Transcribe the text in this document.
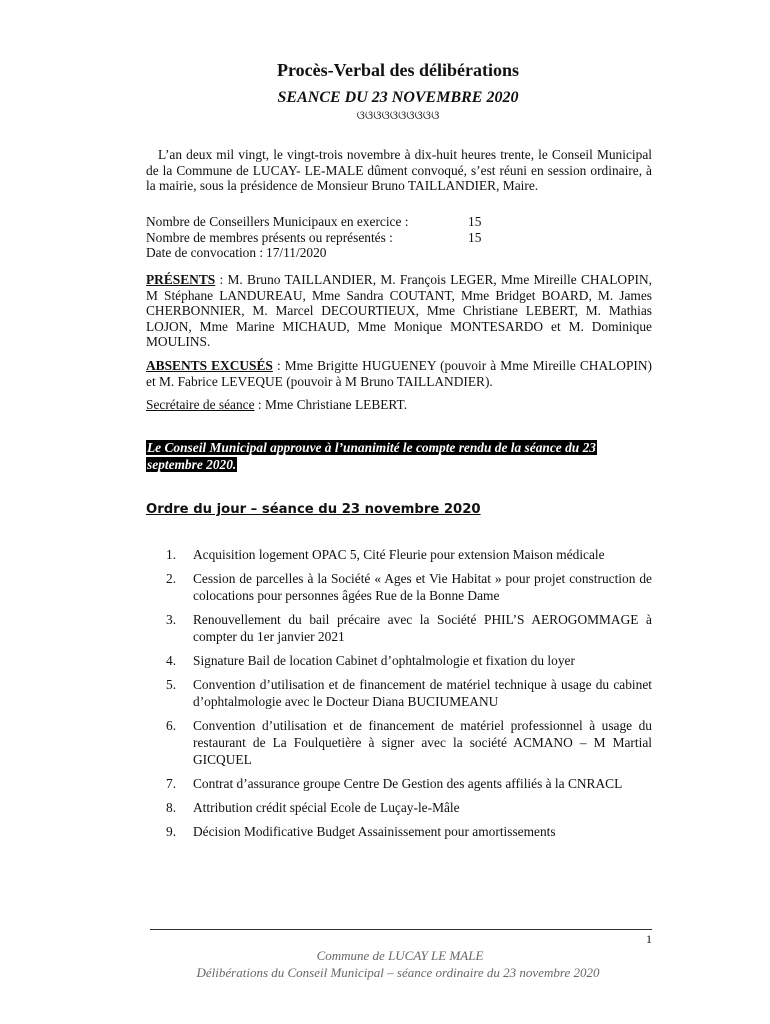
Procès-Verbal des délibérations
SEANCE DU 23 NOVEMBRE 2020
ଓଓଓଓଓଓଓଓଓଓ
L’an deux mil vingt, le vingt-trois novembre à dix-huit heures trente, le Conseil Municipal de la Commune de LUCAY- LE-MALE dûment convoqué, s’est réuni en session ordinaire, à la mairie, sous la présidence de Monsieur Bruno TAILLANDIER, Maire.
Nombre de Conseillers Municipaux en exercice :	15
Nombre de membres présents ou représentés :	15
Date de convocation : 17/11/2020
PRÉSENTS : M. Bruno TAILLANDIER, M. François LEGER, Mme Mireille CHALOPIN, M Stéphane LANDUREAU, Mme Sandra COUTANT, Mme Bridget BOARD, M. James CHERBONNIER, M. Marcel DECOURTIEUX, Mme Christiane LEBERT, M. Mathias LOJON, Mme Marine MICHAUD, Mme Monique MONTESARDO et M. Dominique MOULINS.
ABSENTS EXCUSÉS : Mme Brigitte HUGUENEY (pouvoir à Mme Mireille CHALOPIN) et M. Fabrice LEVEQUE (pouvoir à M Bruno TAILLANDIER).
Secrétaire de séance : Mme Christiane LEBERT.
Le Conseil Municipal approuve à l’unanimité le compte rendu de la séance du 23 septembre 2020.
Ordre du jour – séance du 23 novembre 2020
1. Acquisition logement OPAC 5, Cité Fleurie pour extension Maison médicale
2. Cession de parcelles à la Société « Ages et Vie Habitat » pour projet construction de colocations pour personnes âgées Rue de la Bonne Dame
3. Renouvellement du bail précaire avec la Société PHIL’S AEROGOMMAGE à compter du 1er janvier 2021
4. Signature Bail de location Cabinet d’ophtalmologie et fixation du loyer
5. Convention d’utilisation et de financement de matériel technique à usage du cabinet d’ophtalmologie avec le Docteur Diana BUCIUMEANU
6. Convention d’utilisation et de financement de matériel professionnel à usage du restaurant de La Foulquetière à signer avec la société ACMANO – M Martial GICQUEL
7. Contrat d’assurance groupe Centre De Gestion des agents affiliés à la CNRACL
8. Attribution crédit spécial Ecole de Luçay-le-Mâle
9. Décision Modificative Budget Assainissement pour amortissements
1
Commune de LUCAY LE MALE
Délibérations du Conseil Municipal – séance ordinaire du 23 novembre 2020
